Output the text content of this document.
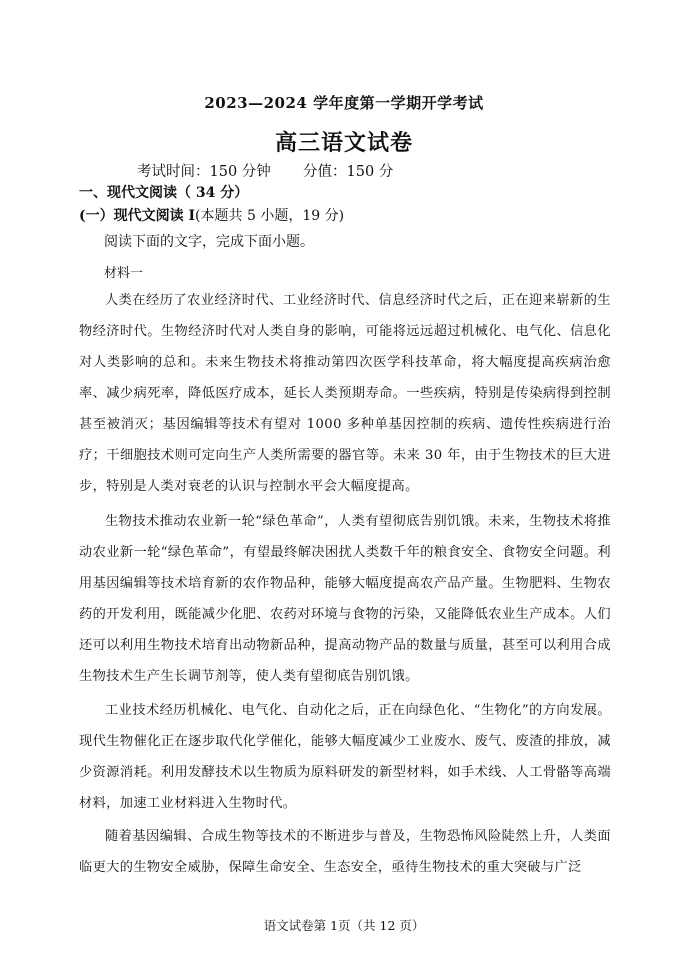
2023—2024 学年度第一学期开学考试
高三语文试卷
考试时间：150 分钟       分值：150 分
一、现代文阅读（ 34 分）
(一）现代文阅读 I(本题共 5 小题，19 分)
阅读下面的文字，完成下面小题。
材料一

人类在经历了农业经济时代、工业经济时代、信息经济时代之后，正在迎来崭新的生物经济时代。生物经济时代对人类自身的影响，可能将远远超过机械化、电气化、信息化对人类影响的总和。未来生物技术将推动第四次医学科技革命，将大幅度提高疾病治愈率、减少病死率，降低医疗成本，延长人类预期寿命。一些疾病，特别是传染病得到控制甚至被消灭；基因编辑等技术有望对 1000 多种单基因控制的疾病、遗传性疾病进行治疗；干细胞技术则可定向生产人类所需要的器官等。未来 30 年，由于生物技术的巨大进步，特别是人类对衰老的认识与控制水平会大幅度提高。

生物技术推动农业新一轮“绿色革命”，人类有望彻底告别饥饿。未来，生物技术将推动农业新一轮“绿色革命”，有望最终解决困扰人类数千年的粮食安全、食物安全问题。利用基因编辑等技术培育新的农作物品种，能够大幅度提高农产品产量。生物肥料、生物农药的开发利用，既能减少化肥、农药对环境与食物的污染，又能降低农业生产成本。人们还可以利用生物技术培育出动物新品种，提高动物产品的数量与质量，甚至可以利用合成生物技术生产生长调节剂等，使人类有望彻底告别饥饿。

工业技术经历机械化、电气化、自动化之后，正在向绿色化、“生物化”的方向发展。现代生物催化正在逐步取代化学催化，能够大幅度减少工业废水、废气、废渣的排放，减少资源消耗。利用发酵技术以生物质为原料研发的新型材料，如手术线、人工骨骼等高端材料，加速工业材料进入生物时代。

随着基因编辑、合成生物等技术的不断进步与普及，生物恐怖风险陡然上升，人类面临更大的生物安全威胁，保障生命安全、生态安全，亟待生物技术的重大突破与广泛

语文试卷第 1页（共 12 页）
